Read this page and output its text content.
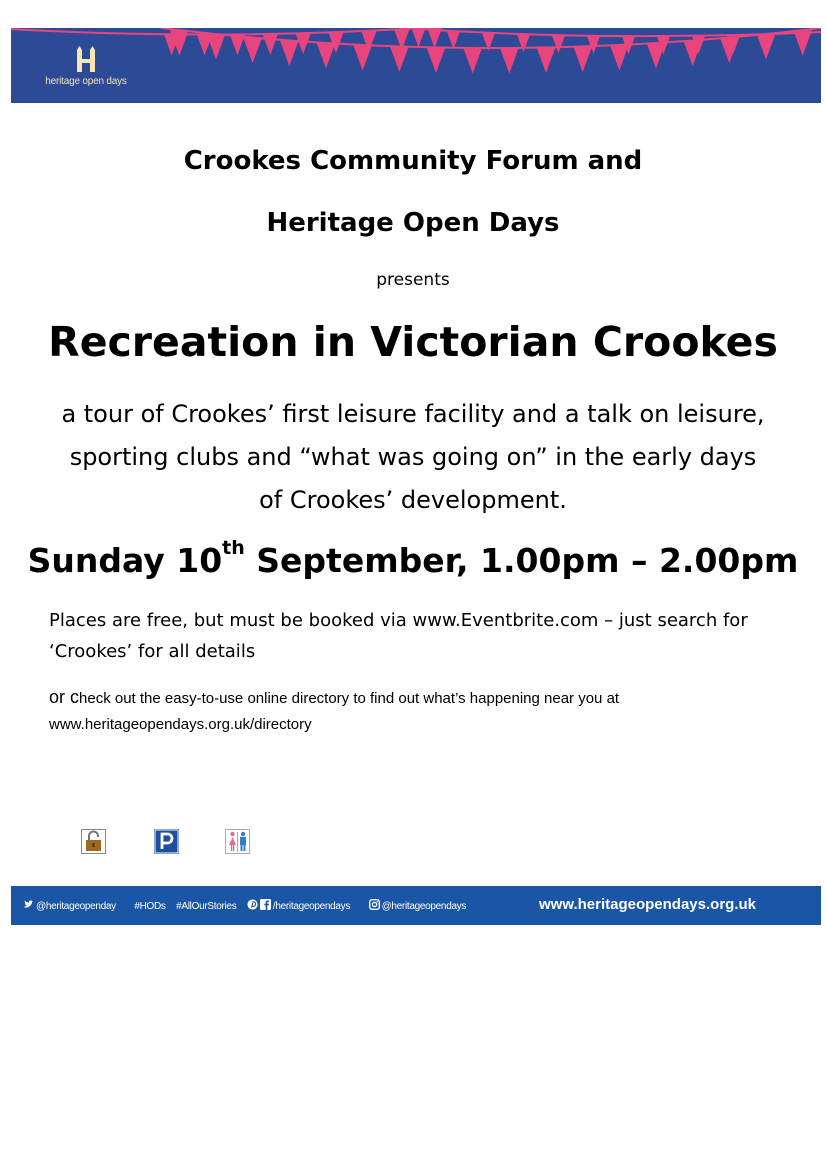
heritage open days
Crookes Community Forum and
Heritage Open Days
presents
Recreation in Victorian Crookes
a tour of Crookes’ first leisure facility and a talk on leisure,
sporting clubs and “what was going on” in the early days
of Crookes’ development.
Sunday 10th September, 1.00pm – 2.00pm
Places are free, but must be booked via www.Eventbrite.com – just search for
‘Crookes’ for all details
or check out the easy-to-use online directory to find out what’s happening near you at
www.heritageopendays.org.uk/directory
@heritageopenday #HODs #AllOurStories	/heritageopendays	@heritageopendays	www.heritageopendays.org.uk
